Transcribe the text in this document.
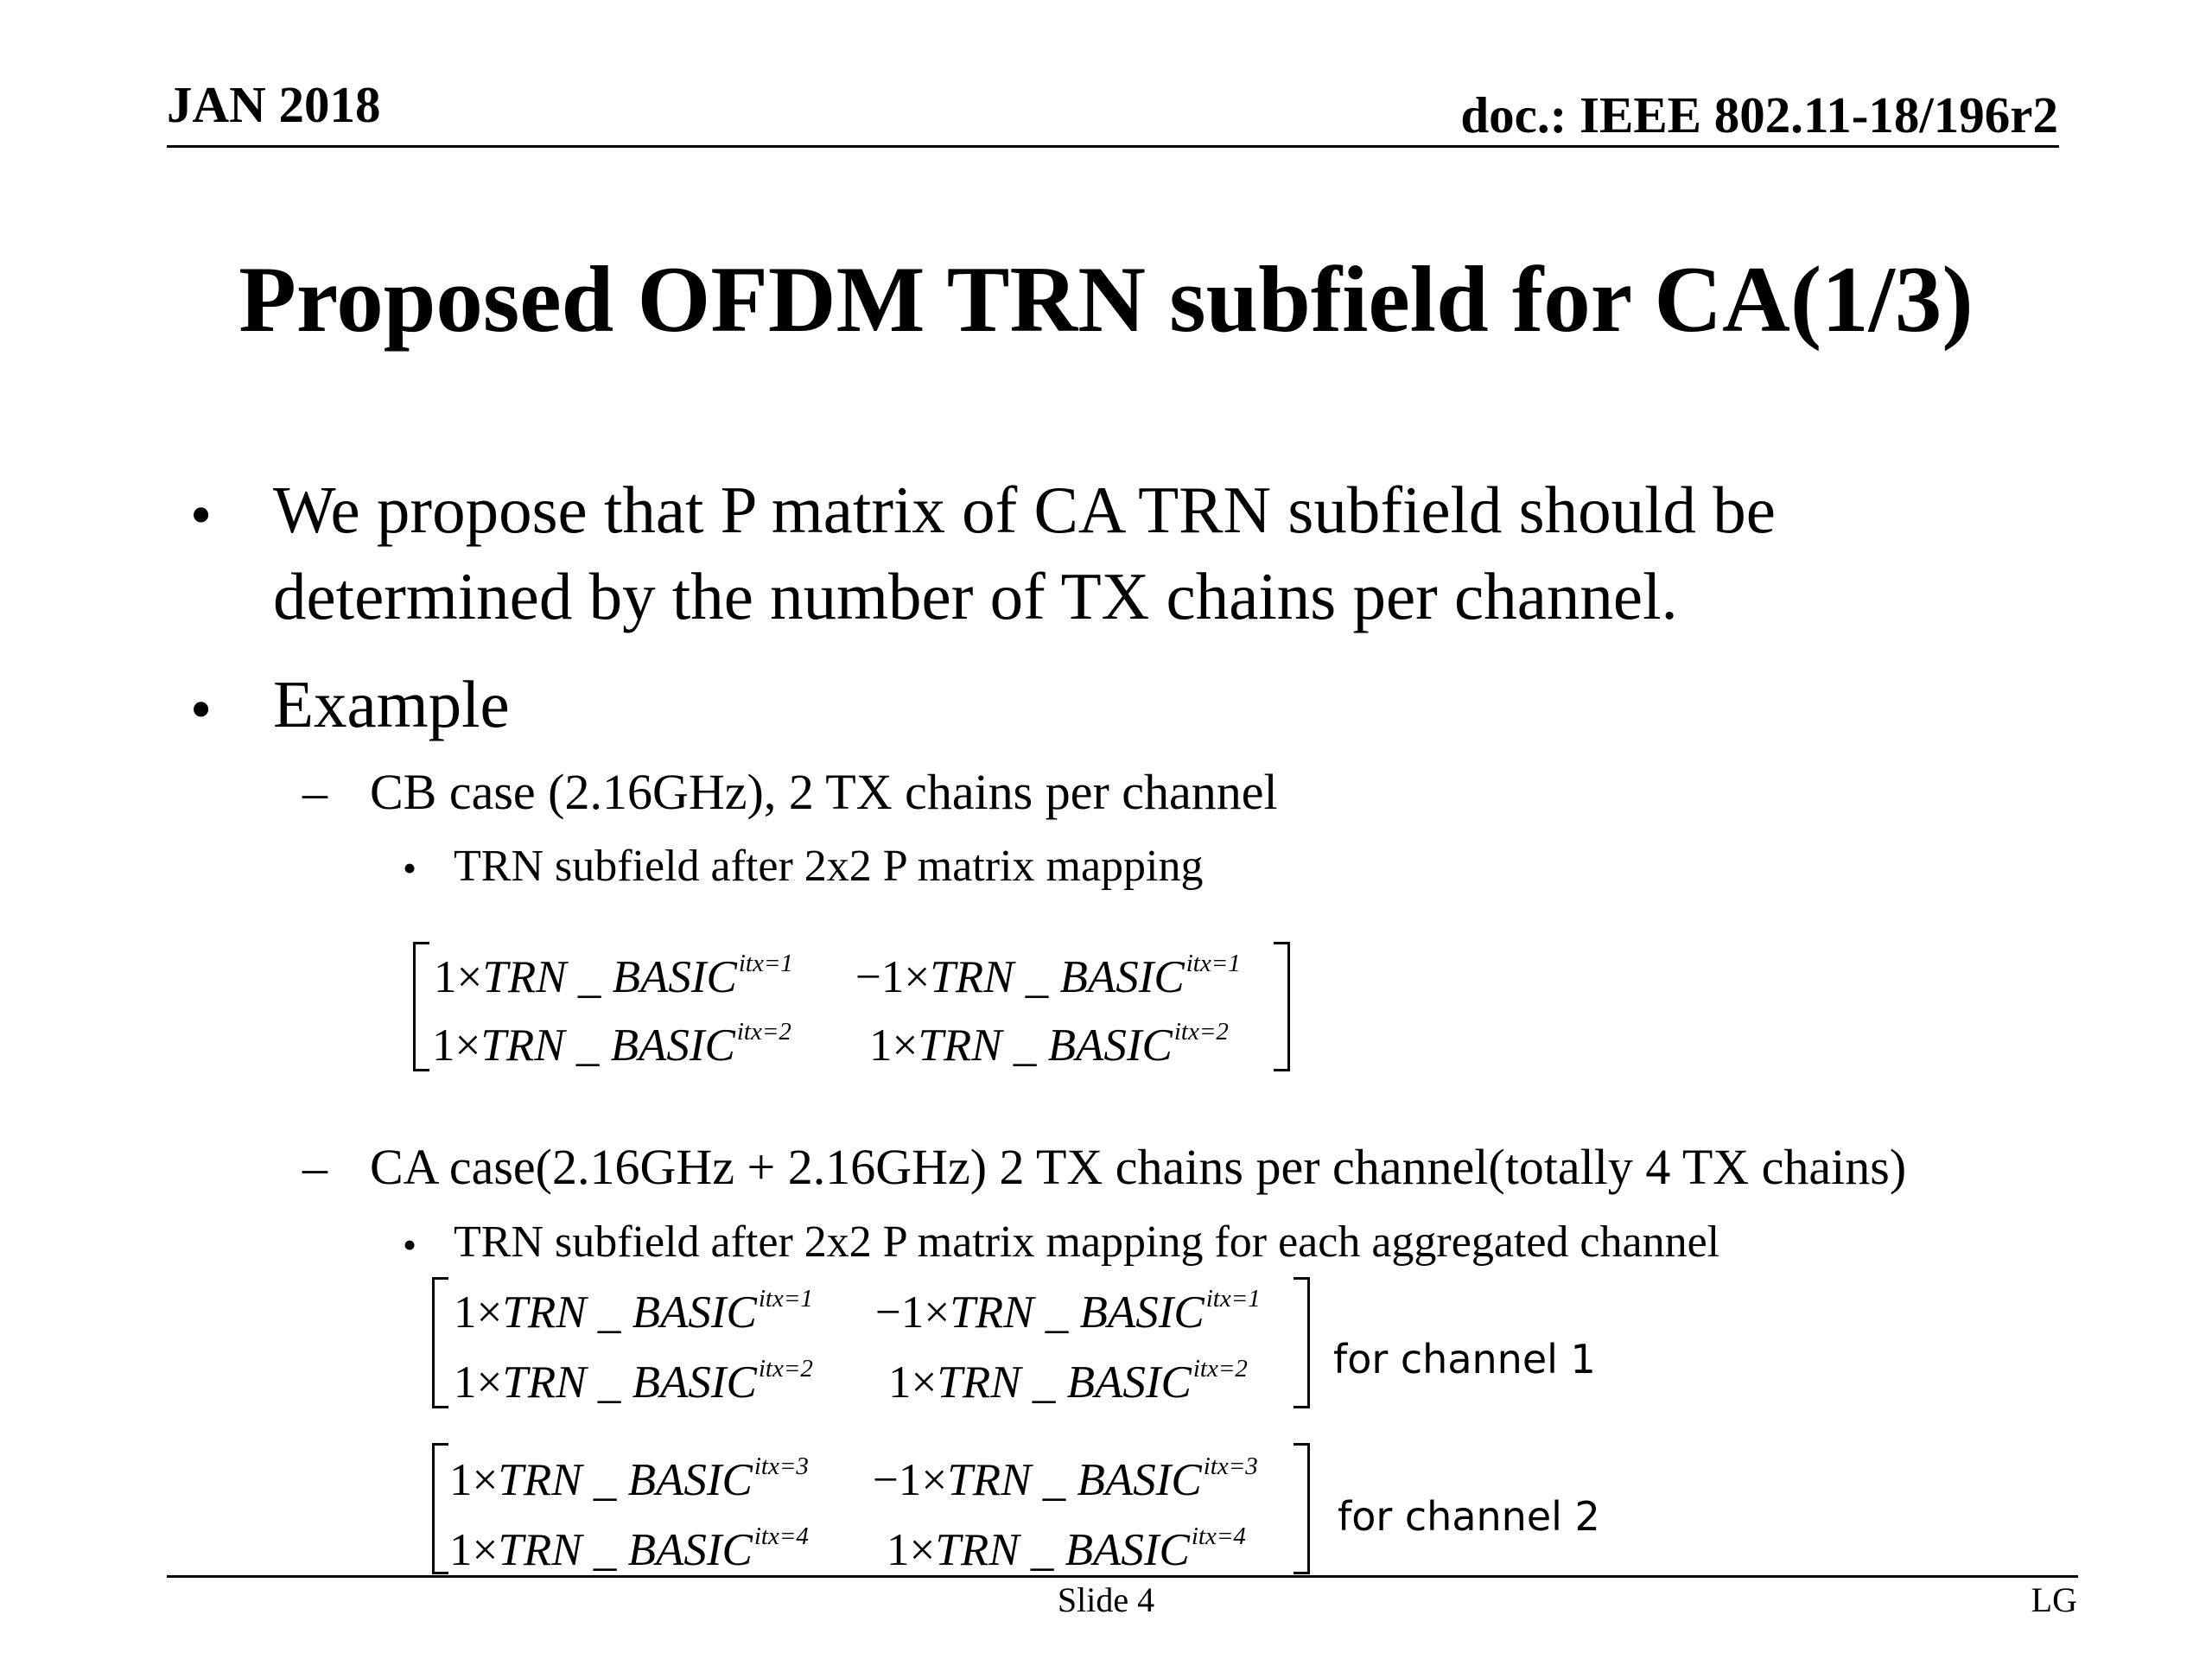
JAN 2018	doc.: IEEE 802.11-18/196r2
Proposed OFDM TRN subfield for CA(1/3)
• We propose that P matrix of CA TRN subfield should be
determined by the number of TX chains per channel.
• Example
– CB case (2.16GHz), 2 TX chains per channel
• TRN subfield after 2x2 P matrix mapping
1×TRN _ $BASIC^{itx=1} -1\times TRN$ _ $BASIC^{itx=1}$
1×TRN _ $BASIC^{itx=2}$ 1×TRN _ $BASIC^{itx=2}$
– CA case(2.16GHz + 2.16GHz) 2 TX chains per channel(totally 4 TX chains)
• TRN subfield after 2x2 P matrix mapping for each aggregated channel
1×TRN _ $BASIC^{itx=1} -1\times TRN$ _ $BASIC^{itx=1}$
1×TRN _ $BASIC^{itx=2}$ 1×TRN _ $BASIC^{itx=2}$ for channel 1
1×TRN _ $BASIC^{itx=3} -1\times TRN$ _ $BASIC^{itx=3}$
1×TRN _ $BASIC^{itx=4}$ 1×TRN _ $BASIC^{itx=4}$ for channel 2
Slide 4	LG
